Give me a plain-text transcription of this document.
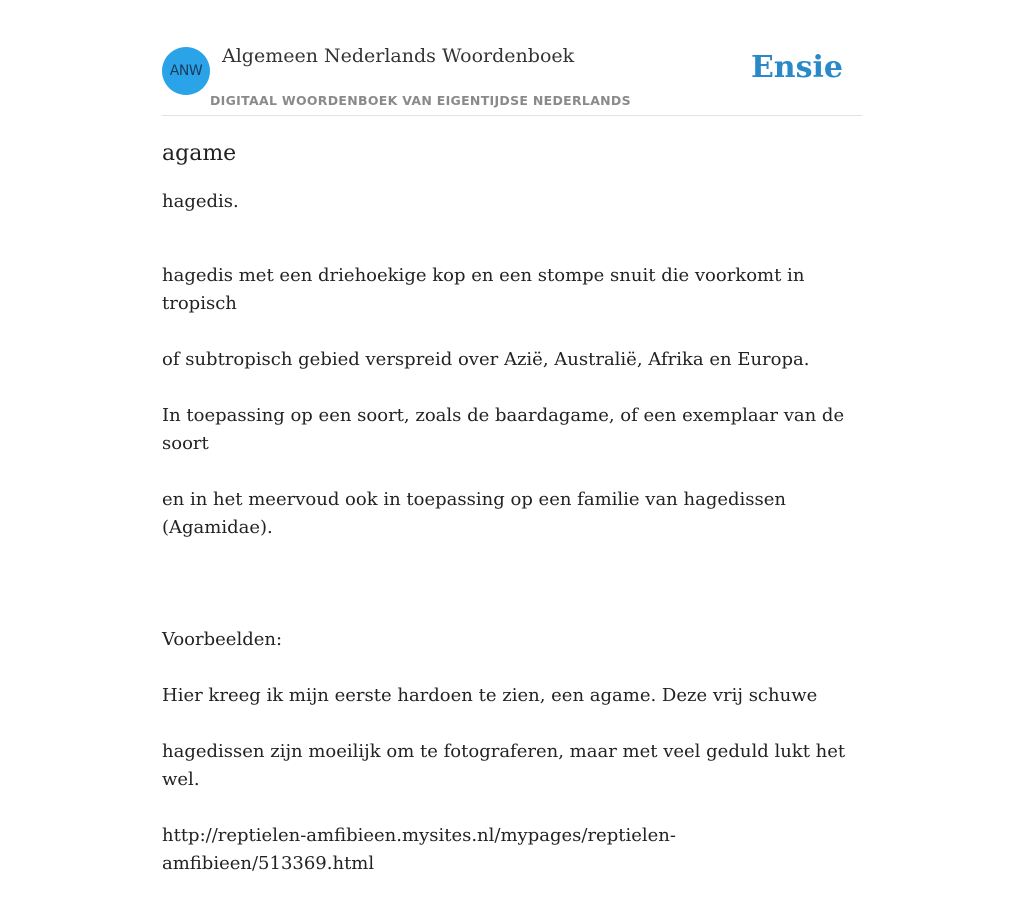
ANW
Algemeen Nederlands Woordenboek
DIGITAAL WOORDENBOEK VAN EIGENTIJDSE NEDERLANDS
Ensie
agame

hagedis.

hagedis met een driehoekige kop en een stompe snuit die voorkomt in tropisch

of subtropisch gebied verspreid over Azië, Australië, Afrika en Europa.

In toepassing op een soort, zoals de baardagame, of een exemplaar van de soort

en in het meervoud ook in toepassing op een familie van hagedissen (Agamidae).

Voorbeelden:

Hier kreeg ik mijn eerste hardoen te zien, een agame. Deze vrij schuwe

hagedissen zijn moeilijk om te fotograferen, maar met veel geduld lukt het wel.

http://reptielen-amfibieen.mysites.nl/mypages/reptielen-amfibieen/513369.html
